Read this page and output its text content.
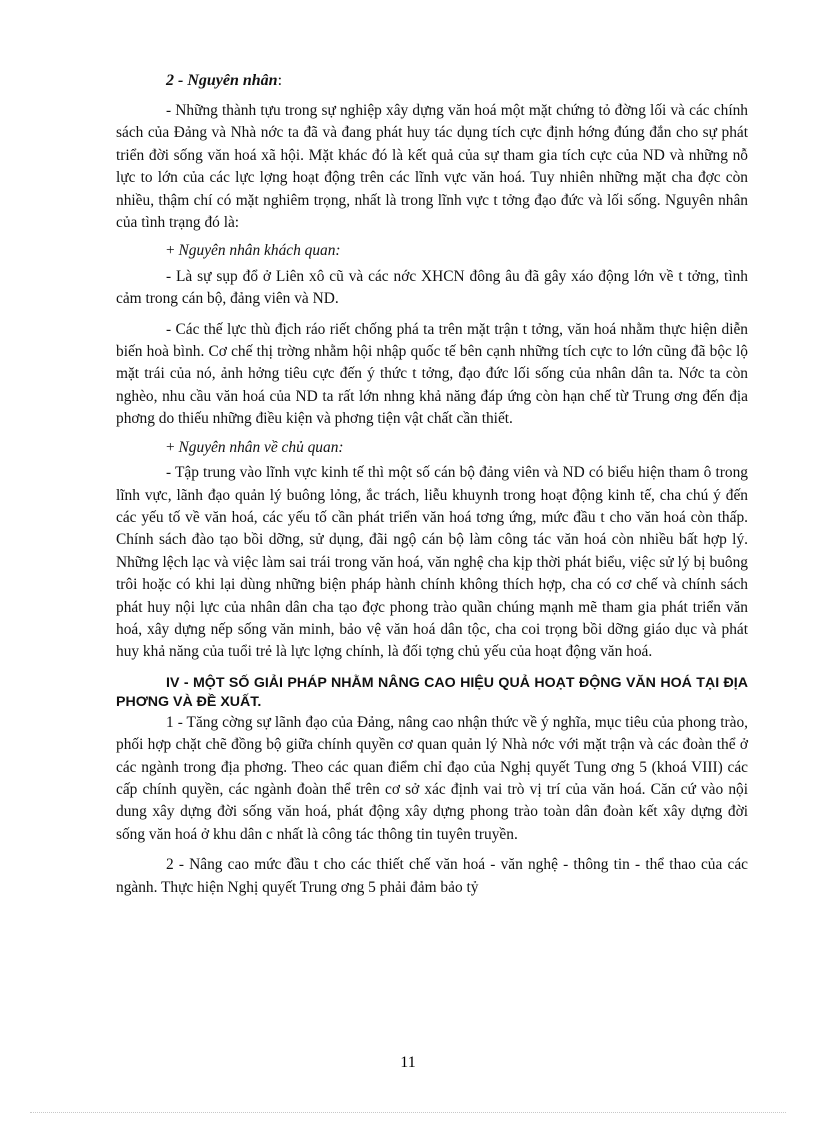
2 - Nguyên nhân:

- Những thành tựu trong sự nghiệp xây dựng văn hoá một mặt chứng tỏ đờng lối và các chính sách của Đảng và Nhà nớc ta đã và đang phát huy tác dụng tích cực định hớng đúng đắn cho sự phát triển đời sống văn hoá xã hội. Mặt khác đó là kết quả của sự tham gia tích cực của ND và những nỗ lực to lớn của các lực lợng hoạt động trên các lĩnh vực văn hoá. Tuy nhiên những mặt cha đợc còn nhiều, thậm chí có mặt nghiêm trọng, nhất là trong lĩnh vực t tởng đạo đức và lối sống. Nguyên nhân của tình trạng đó là:

+ Nguyên nhân khách quan:

- Là sự sụp đổ ở Liên xô cũ và các nớc XHCN đông âu đã gây xáo động lớn về t tởng, tình cảm trong cán bộ, đảng viên và ND.

- Các thế lực thù địch ráo riết chống phá ta trên mặt trận t tởng, văn hoá nhằm thực hiện diễn biến hoà bình. Cơ chế thị trờng nhằm hội nhập quốc tế bên cạnh những tích cực to lớn cũng đã bộc lộ mặt trái của nó, ảnh hởng tiêu cực đến ý thức t tởng, đạo đức lối sống của nhân dân ta. Nớc ta còn nghèo, nhu cầu văn hoá của ND ta rất lớn nhng khả năng đáp ứng còn hạn chế từ Trung ơng đến địa phơng do thiếu những điều kiện và phơng tiện vật chất cần thiết.

+ Nguyên nhân về chủ quan:

- Tập trung vào lĩnh vực kinh tế thì một số cán bộ đảng viên và ND có biểu hiện tham ô trong lĩnh vực, lãnh đạo quản lý buông lỏng, ắc trách, liễu khuynh trong hoạt động kinh tế, cha chú ý đến các yếu tố về văn hoá, các yếu tố cần phát triển văn hoá tơng ứng, mức đầu t cho văn hoá còn thấp. Chính sách đào tạo bồi dỡng, sử dụng, đãi ngộ cán bộ làm công tác văn hoá còn nhiều bất hợp lý. Những lệch lạc và việc làm sai trái trong văn hoá, văn nghệ cha kịp thời phát biểu, việc sử lý bị buông trôi hoặc có khi lại dùng những biện pháp hành chính không thích hợp, cha có cơ chế và chính sách phát huy nội lực của nhân dân cha tạo đợc phong trào quần chúng mạnh mẽ tham gia phát triển văn hoá, xây dựng nếp sống văn minh, bảo vệ văn hoá dân tộc, cha coi trọng bồi dỡng giáo dục và phát huy khả năng của tuổi trẻ là lực lợng chính, là đối tợng chủ yếu của hoạt động văn hoá.

IV - MỘT SỐ GIẢI PHÁP NHẰM NÂNG CAO HIỆU QUẢ HOẠT ĐỘNG VĂN HOÁ TẠI ĐỊA PHƠNG VÀ ĐỀ XUẤT.

1 - Tăng cờng sự lãnh đạo của Đảng, nâng cao nhận thức về ý nghĩa, mục tiêu của phong trào, phối hợp chặt chẽ đồng bộ giữa chính quyền cơ quan quản lý Nhà nớc với mặt trận và các đoàn thể ở các ngành trong địa phơng. Theo các quan điểm chỉ đạo của Nghị quyết Tung ơng 5 (khoá VIII) các cấp chính quyền, các ngành đoàn thể trên cơ sở xác định vai trò vị trí của văn hoá. Căn cứ vào nội dung xây dựng đời sống văn hoá, phát động xây dựng phong trào toàn dân đoàn kết xây dựng đời sống văn hoá ở khu dân c nhất là công tác thông tin tuyên truyền.

2 - Nâng cao mức đầu t cho các thiết chế văn hoá - văn nghệ - thông tin - thể thao của các ngành. Thực hiện Nghị quyết Trung ơng 5 phải đảm bảo tỷ

11
